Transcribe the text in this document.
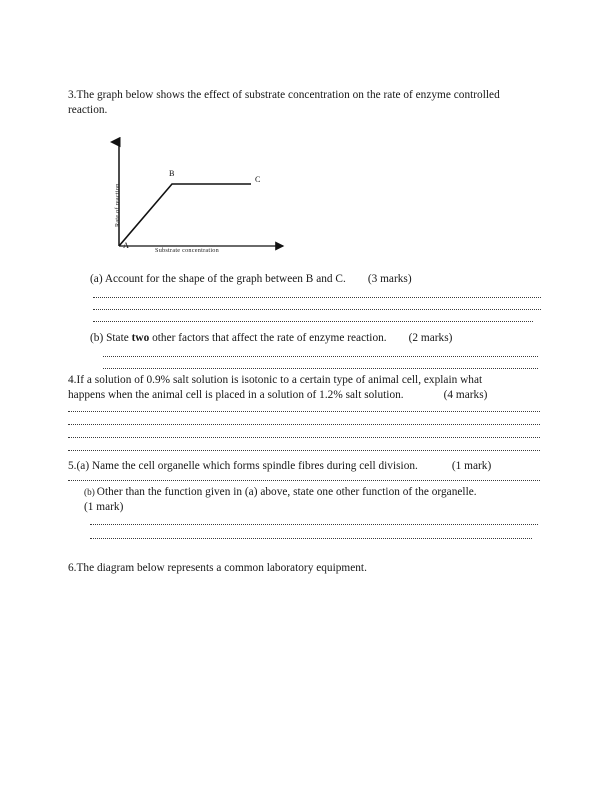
3.The graph below shows the effect of substrate concentration on the rate of enzyme controlled
reaction.
Rate of reaction
Substrate concentration
A
B
C
(a) Account for the shape of the graph between B and C. (3 marks)
(b) State two other factors that affect the rate of enzyme reaction. (2 marks)
4.If a solution of 0.9% salt solution is isotonic to a certain type of animal cell, explain what
happens when the animal cell is placed in a solution of 1.2% salt solution.	(4 marks)
5.(a) Name the cell organelle which forms spindle fibres during cell division.	(1 mark)
(b) Other than the function given in (a) above, state one other function of the organelle.
(1 mark)
6.The diagram below represents a common laboratory equipment.
